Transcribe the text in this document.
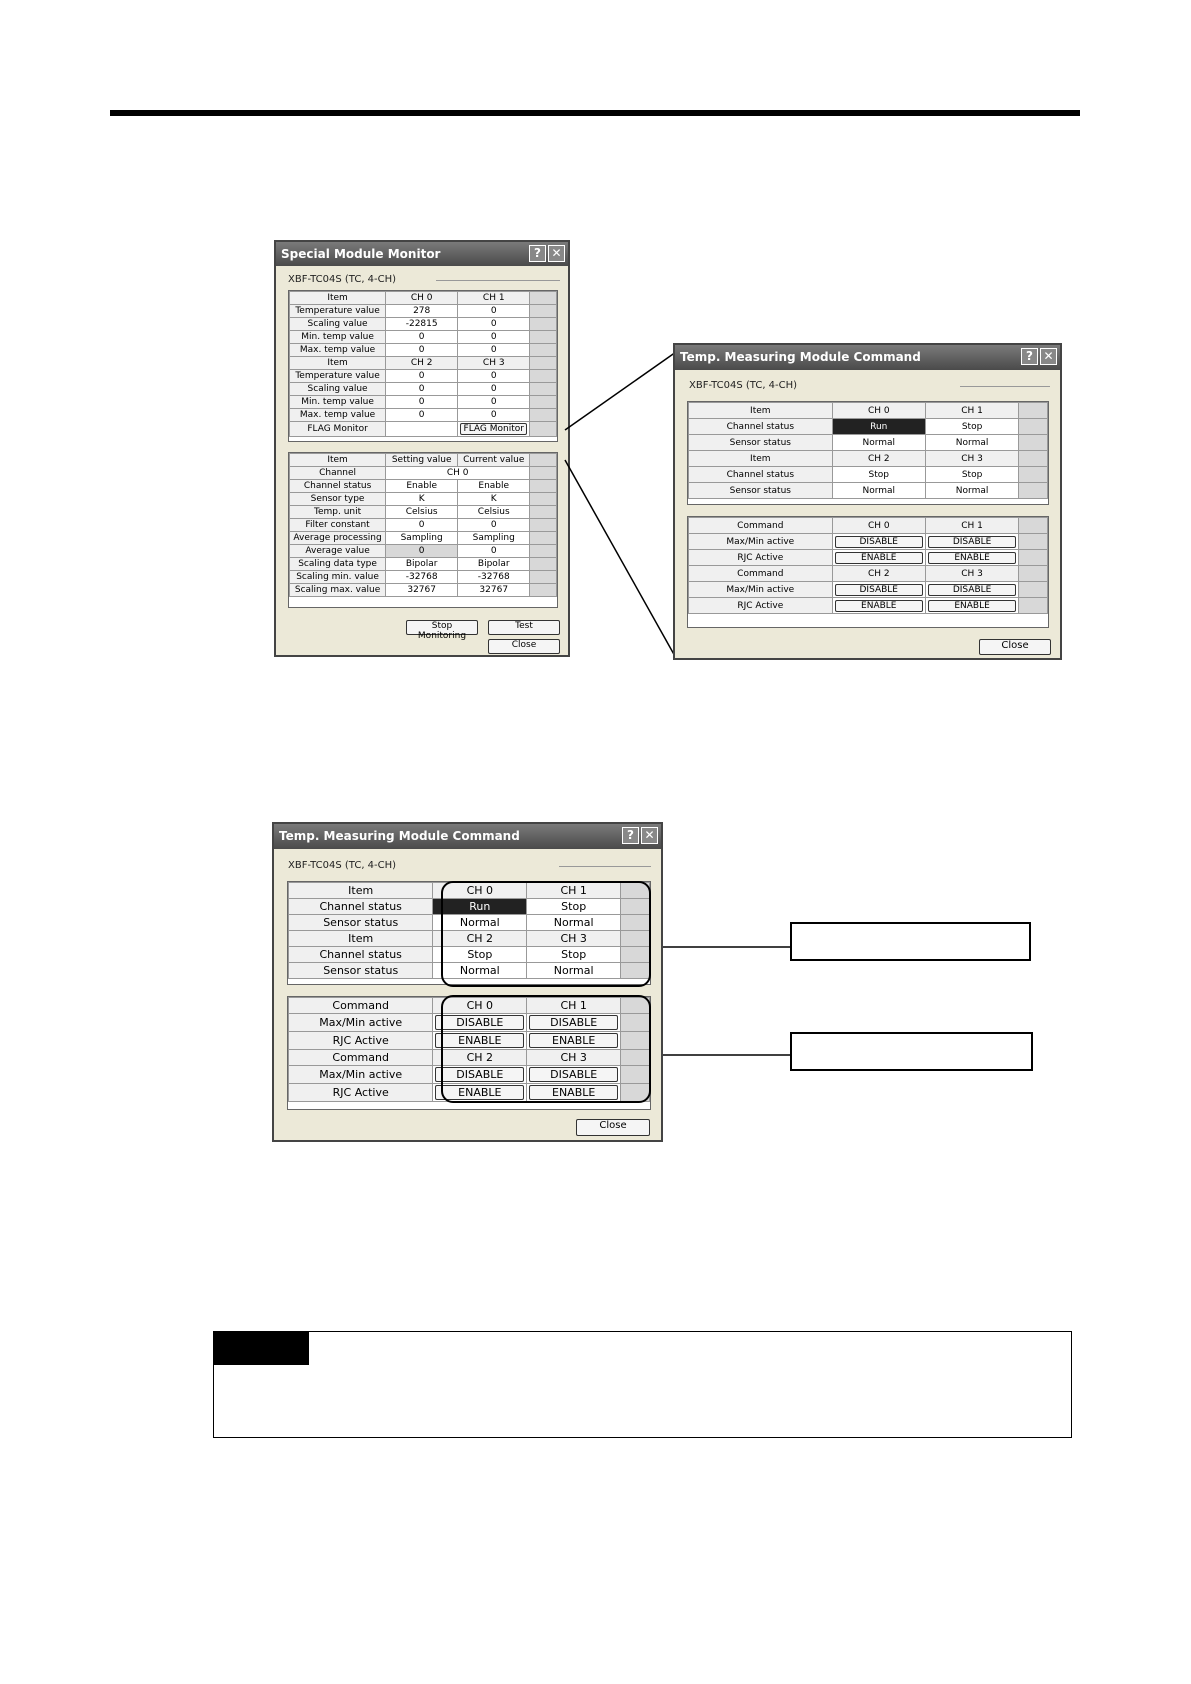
Special Module Monitor	? ✕
XBF-TC04S (TC, 4-CH)
Item	CH 0	CH 1	
Temperature value	278	0	
Scaling value	-22815	0	
Min. temp value	0	0	
Max. temp value	0	0	
Item	CH 2	CH 3	
Temperature value	0	0	
Scaling value	0	0	
Min. temp value	0	0	
Max. temp value	0	0	
FLAG Monitor		FLAG Monitor	

Item	Setting value	Current value	
Channel	CH 0		
Channel status	Enable	Enable	
Sensor type	K	K	
Temp. unit	Celsius	Celsius	
Filter constant	0	0	
Average processing	Sampling	Sampling	
Average value	0	0	
Scaling data type	Bipolar	Bipolar	
Scaling min. value	-32768	-32768	
Scaling max. value	32767	32767	
Stop Monitoring
Test
Close
Temp. Measuring Module Command	? ✕
XBF-TC04S (TC, 4-CH)
Item	CH 0	CH 1	
Channel status	Run	Stop	
Sensor status	Normal	Normal	
Item	CH 2	CH 3	
Channel status	Stop	Stop	
Sensor status	Normal	Normal	
Command	CH 0	CH 1	
Max/Min active	DISABLE	DISABLE	

RJC Active	ENABLE	ENABLE	

Command	CH 2	CH 3	
Max/Min active	DISABLE	DISABLE	

RJC Active	ENABLE	ENABLE	

Close
Temp. Measuring Module Command	? ✕
XBF-TC04S (TC, 4-CH)
Item	CH 0	CH 1	
Channel status	Run	Stop	
Sensor status	Normal	Normal	
Item	CH 2	CH 3	
Channel status	Stop	Stop	
Sensor status	Normal	Normal	
Command	CH 0	CH 1	
Max/Min active	DISABLE	DISABLE	

RJC Active	ENABLE	ENABLE	

Command	CH 2	CH 3	
Max/Min active	DISABLE	DISABLE	

RJC Active	ENABLE	ENABLE	

Close
